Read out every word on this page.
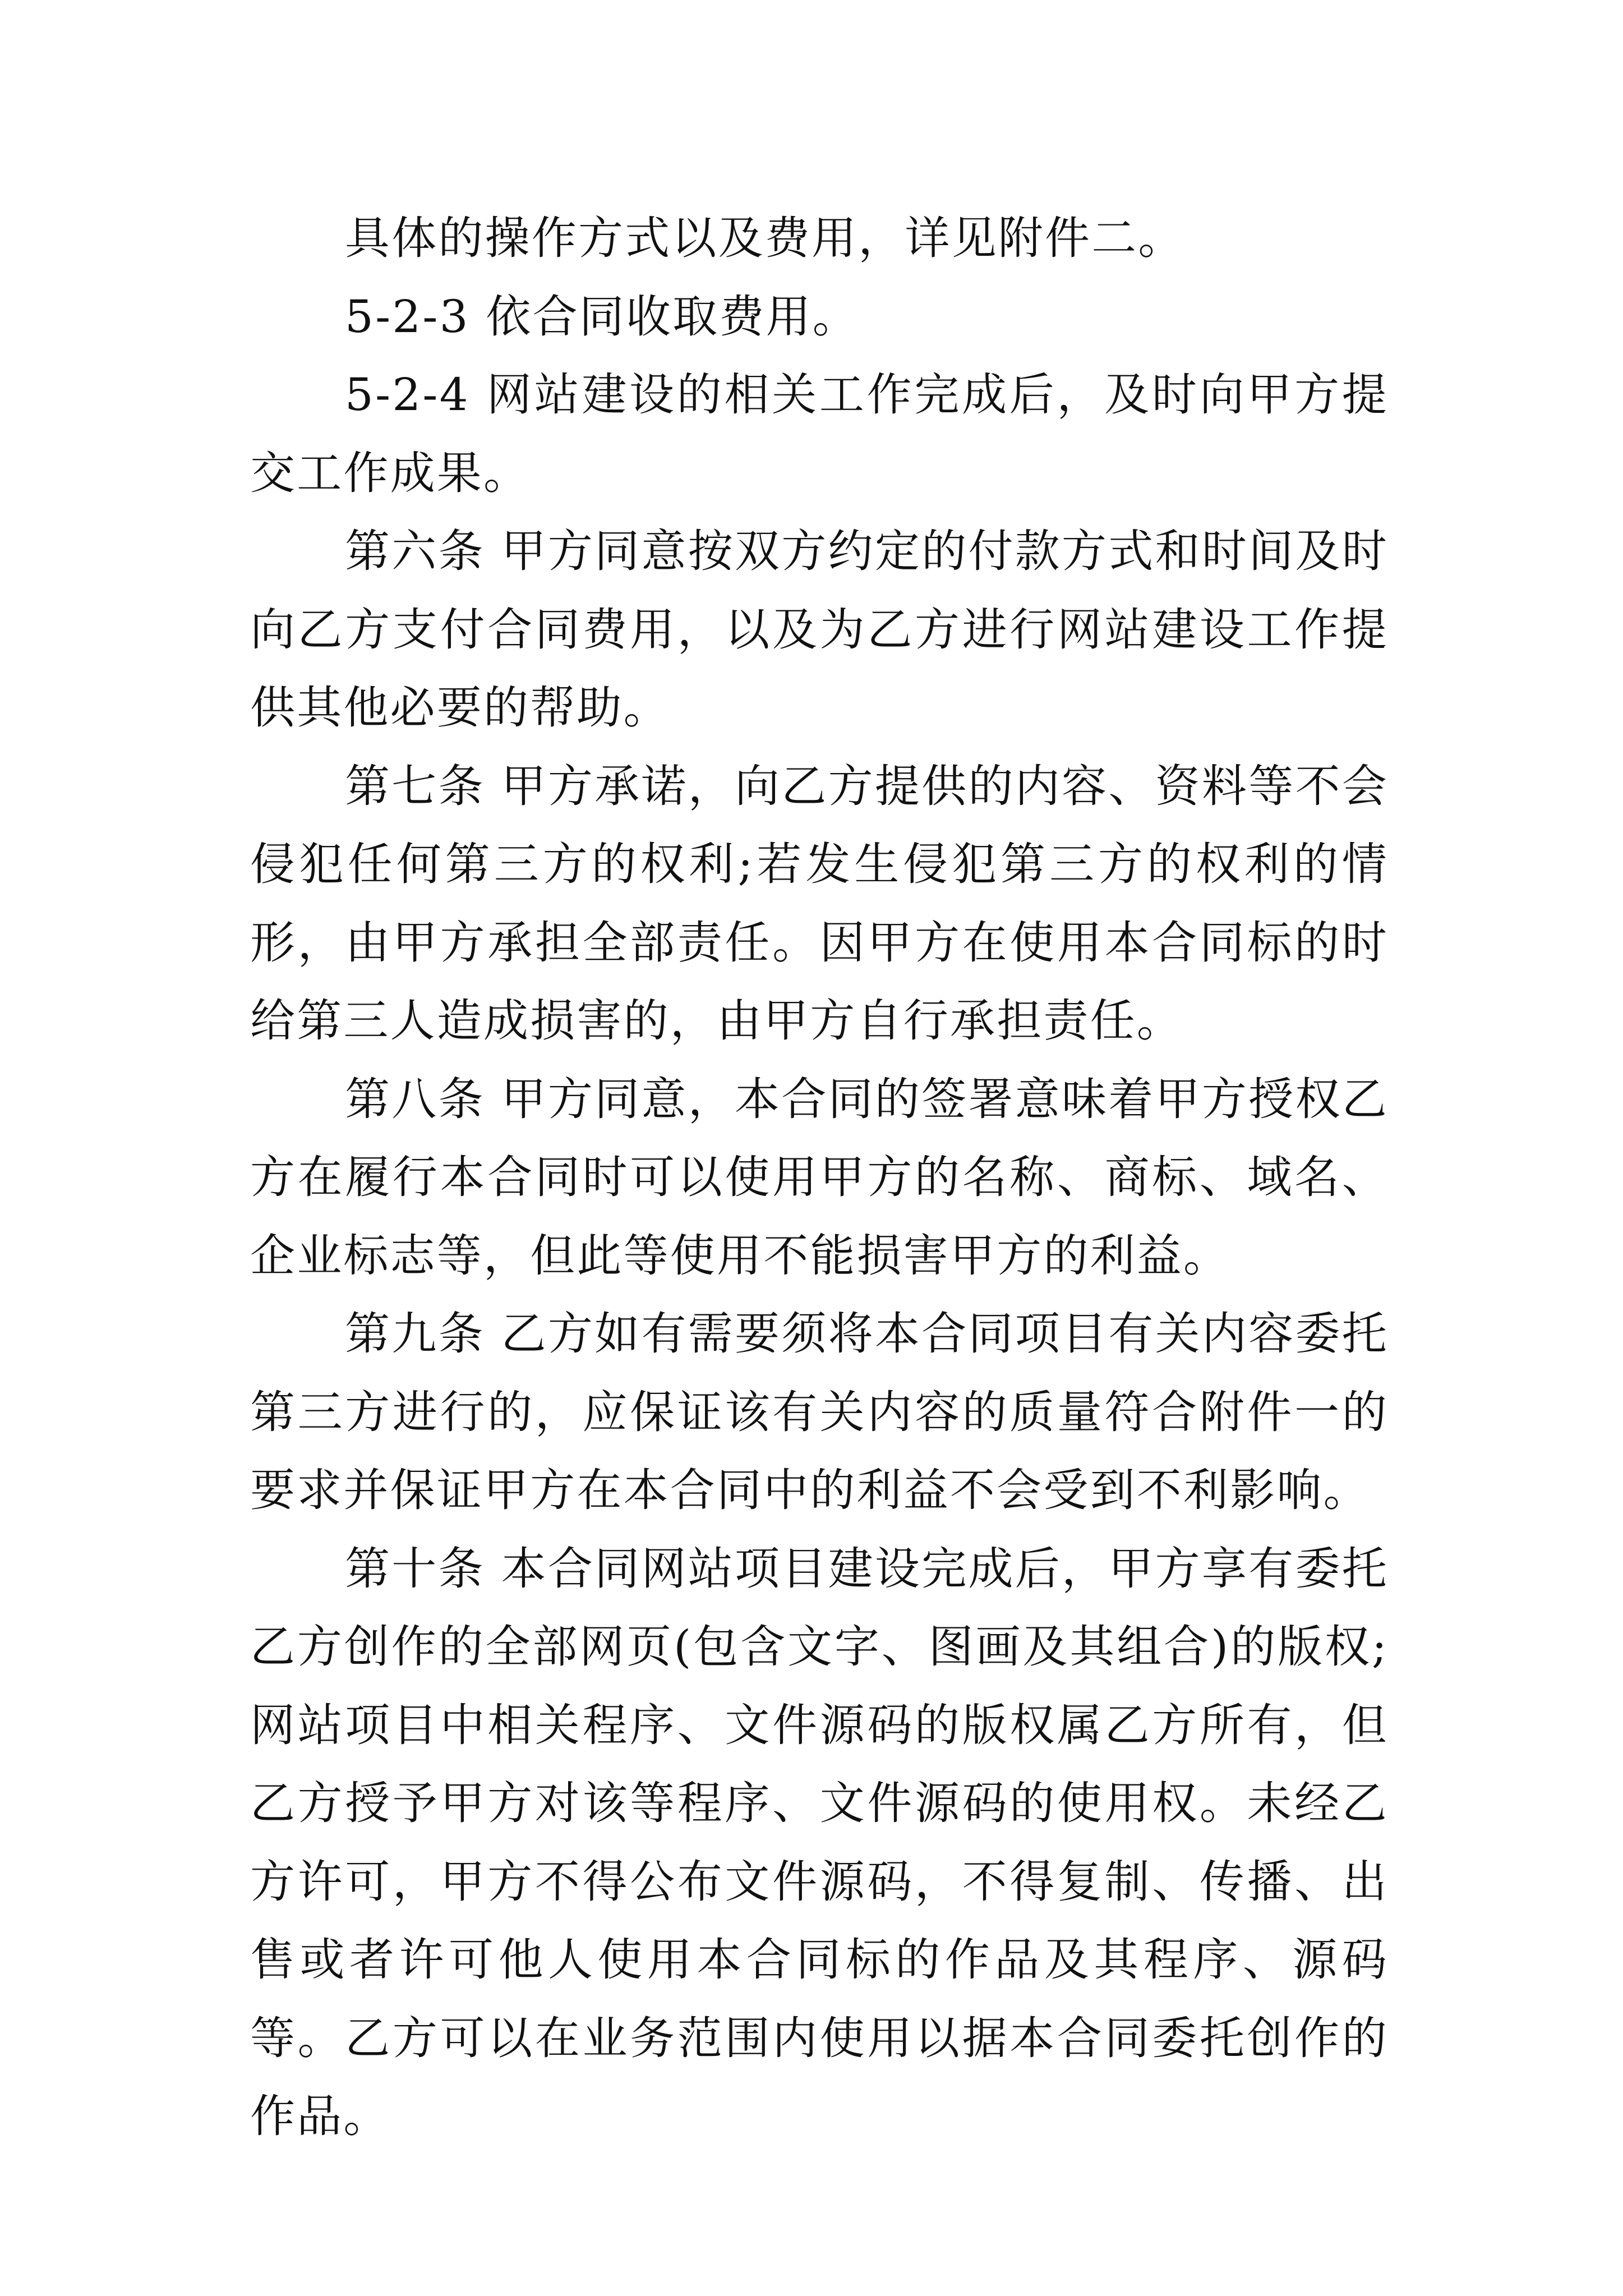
具体的操作方式以及费用，详见附件二。

5-2-3 依合同收取费用。

5-2-4 网站建设的相关工作完成后，及时向甲方提交工作成果。

第六条 甲方同意按双方约定的付款方式和时间及时向乙方支付合同费用，以及为乙方进行网站建设工作提供其他必要的帮助。

第七条 甲方承诺，向乙方提供的内容、资料等不会侵犯任何第三方的权利;若发生侵犯第三方的权利的情形，由甲方承担全部责任。因甲方在使用本合同标的时给第三人造成损害的，由甲方自行承担责任。

第八条 甲方同意，本合同的签署意味着甲方授权乙方在履行本合同时可以使用甲方的名称、商标、域名、企业标志等，但此等使用不能损害甲方的利益。

第九条 乙方如有需要须将本合同项目有关内容委托第三方进行的，应保证该有关内容的质量符合附件一的要求并保证甲方在本合同中的利益不会受到不利影响。

第十条 本合同网站项目建设完成后，甲方享有委托乙方创作的全部网页(包含文字、图画及其组合)的版权;网站项目中相关程序、文件源码的版权属乙方所有，但乙方授予甲方对该等程序、文件源码的使用权。未经乙方许可，甲方不得公布文件源码，不得复制、传播、出售或者许可他人使用本合同标的作品及其程序、源码等。乙方可以在业务范围内使用以据本合同委托创作的作品。
